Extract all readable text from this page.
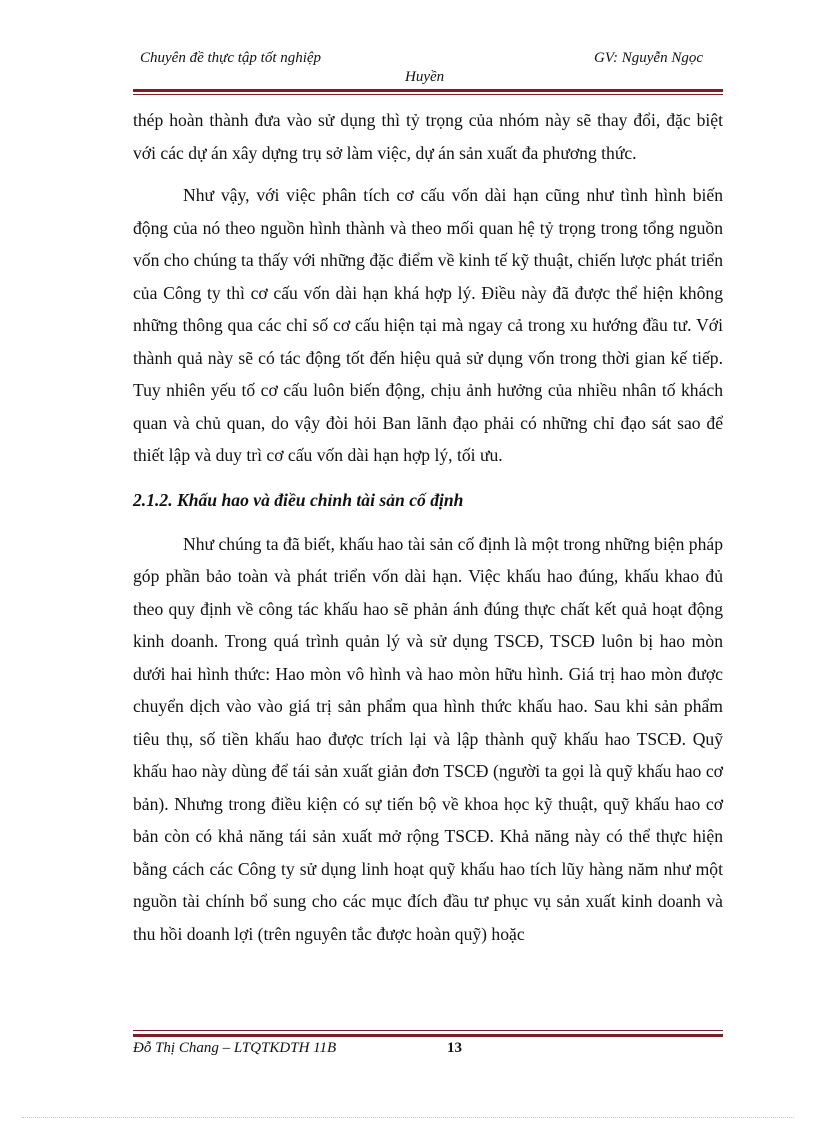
Chuyên đề thực tập tốt nghiệp	GV: Nguyễn Ngọc
Huyền

thép hoàn thành đưa vào sử dụng thì tỷ trọng của nhóm này sẽ thay đổi, đặc biệt với các dự án xây dựng trụ sở làm việc, dự án sản xuất đa phương thức.

Như vậy, với việc phân tích cơ cấu vốn dài hạn cũng như tình hình biến động của nó theo nguồn hình thành và theo mối quan hệ tỷ trọng trong tổng nguồn vốn cho chúng ta thấy với những đặc điểm về kinh tế kỹ thuật, chiến lược phát triển của Công ty thì cơ cấu vốn dài hạn khá hợp lý. Điều này đã được thể hiện không những thông qua các chỉ số cơ cấu hiện tại mà ngay cả trong xu hướng đầu tư. Với thành quả này sẽ có tác động tốt đến hiệu quả sử dụng vốn trong thời gian kế tiếp. Tuy nhiên yếu tố cơ cấu luôn biến động, chịu ảnh hưởng của nhiều nhân tố khách quan và chủ quan, do vậy đòi hỏi Ban lãnh đạo phải có những chỉ đạo sát sao để thiết lập và duy trì cơ cấu vốn dài hạn hợp lý, tối ưu.

2.1.2. Khấu hao và điều chỉnh tài sản cố định

Như chúng ta đã biết, khấu hao tài sản cố định là một trong những biện pháp góp phần bảo toàn và phát triển vốn dài hạn. Việc khấu hao đúng, khấu khao đủ theo quy định về công tác khấu hao sẽ phản ánh đúng thực chất kết quả hoạt động kinh doanh. Trong quá trình quản lý và sử dụng TSCĐ, TSCĐ luôn bị hao mòn dưới hai hình thức: Hao mòn vô hình và hao mòn hữu hình. Giá trị hao mòn được chuyển dịch vào vào giá trị sản phẩm qua hình thức khấu hao. Sau khi sản phẩm tiêu thụ, số tiền khấu hao được trích lại và lập thành quỹ khấu hao TSCĐ. Quỹ khấu hao này dùng để tái sản xuất giản đơn TSCĐ (người ta gọi là quỹ khấu hao cơ bản). Nhưng trong điều kiện có sự tiến bộ về khoa học kỹ thuật, quỹ khấu hao cơ bản còn có khả năng tái sản xuất mở rộng TSCĐ. Khả năng này có thể thực hiện bằng cách các Công ty sử dụng linh hoạt quỹ khấu hao tích lũy hàng năm như một nguồn tài chính bổ sung cho các mục đích đầu tư phục vụ sản xuất kinh doanh và thu hồi doanh lợi (trên nguyên tắc được hoàn quỹ) hoặc

Đỗ Thị Chang – LTQTKDTH 11B	13
